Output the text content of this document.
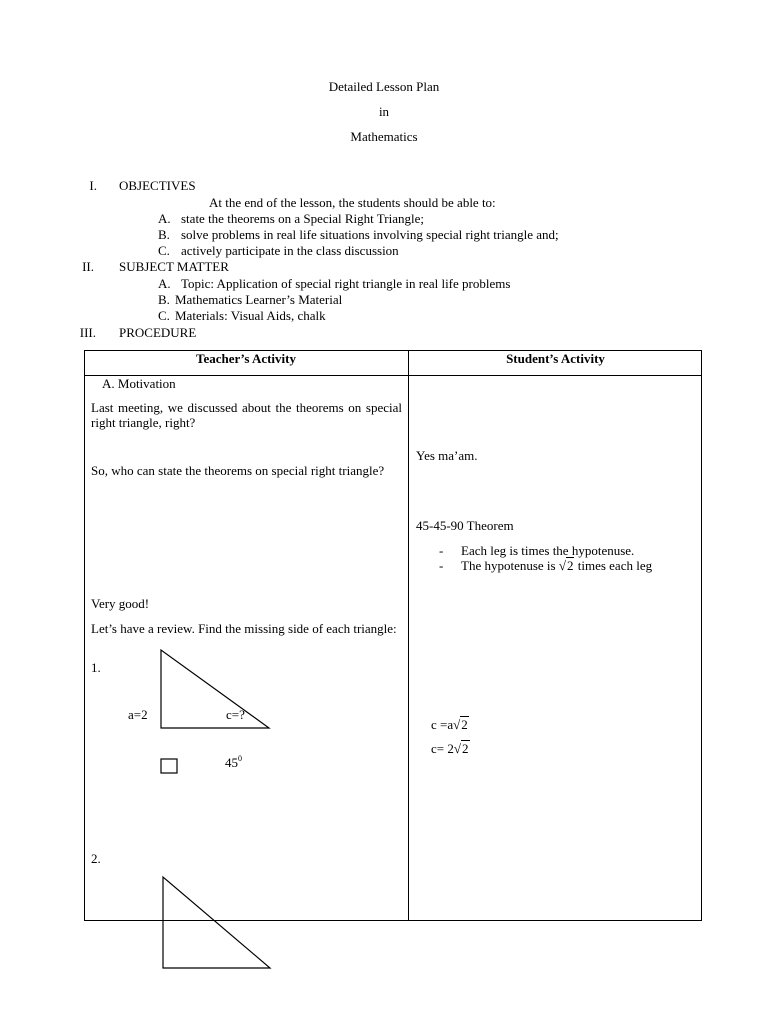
Detailed Lesson Plan
in
Mathematics
I. OBJECTIVES
At the end of the lesson, the students should be able to:
A. state the theorems on a Special Right Triangle;
B. solve problems in real life situations involving special right triangle and;
C. actively participate in the class discussion
II. SUBJECT MATTER
A. Topic: Application of special right triangle in real life problems
B. Mathematics Learner’s Material
C. Materials: Visual Aids, chalk
III. PROCEDURE
Teacher’s Activity	Student’s Activity
A. Motivation
Last meeting, we discussed about the theorems on special right triangle, right?
So, who can state the theorems on special right triangle?
Very good!
Let’s have a review. Find the missing side of each triangle:
1.
a=2	c=?
$45^0$
2.
Yes ma’am.
45-45-90 Theorem
- Each leg is times the hypotenuse.
- The hypotenuse is √2 times each leg
c =a√2
c= 2√2
